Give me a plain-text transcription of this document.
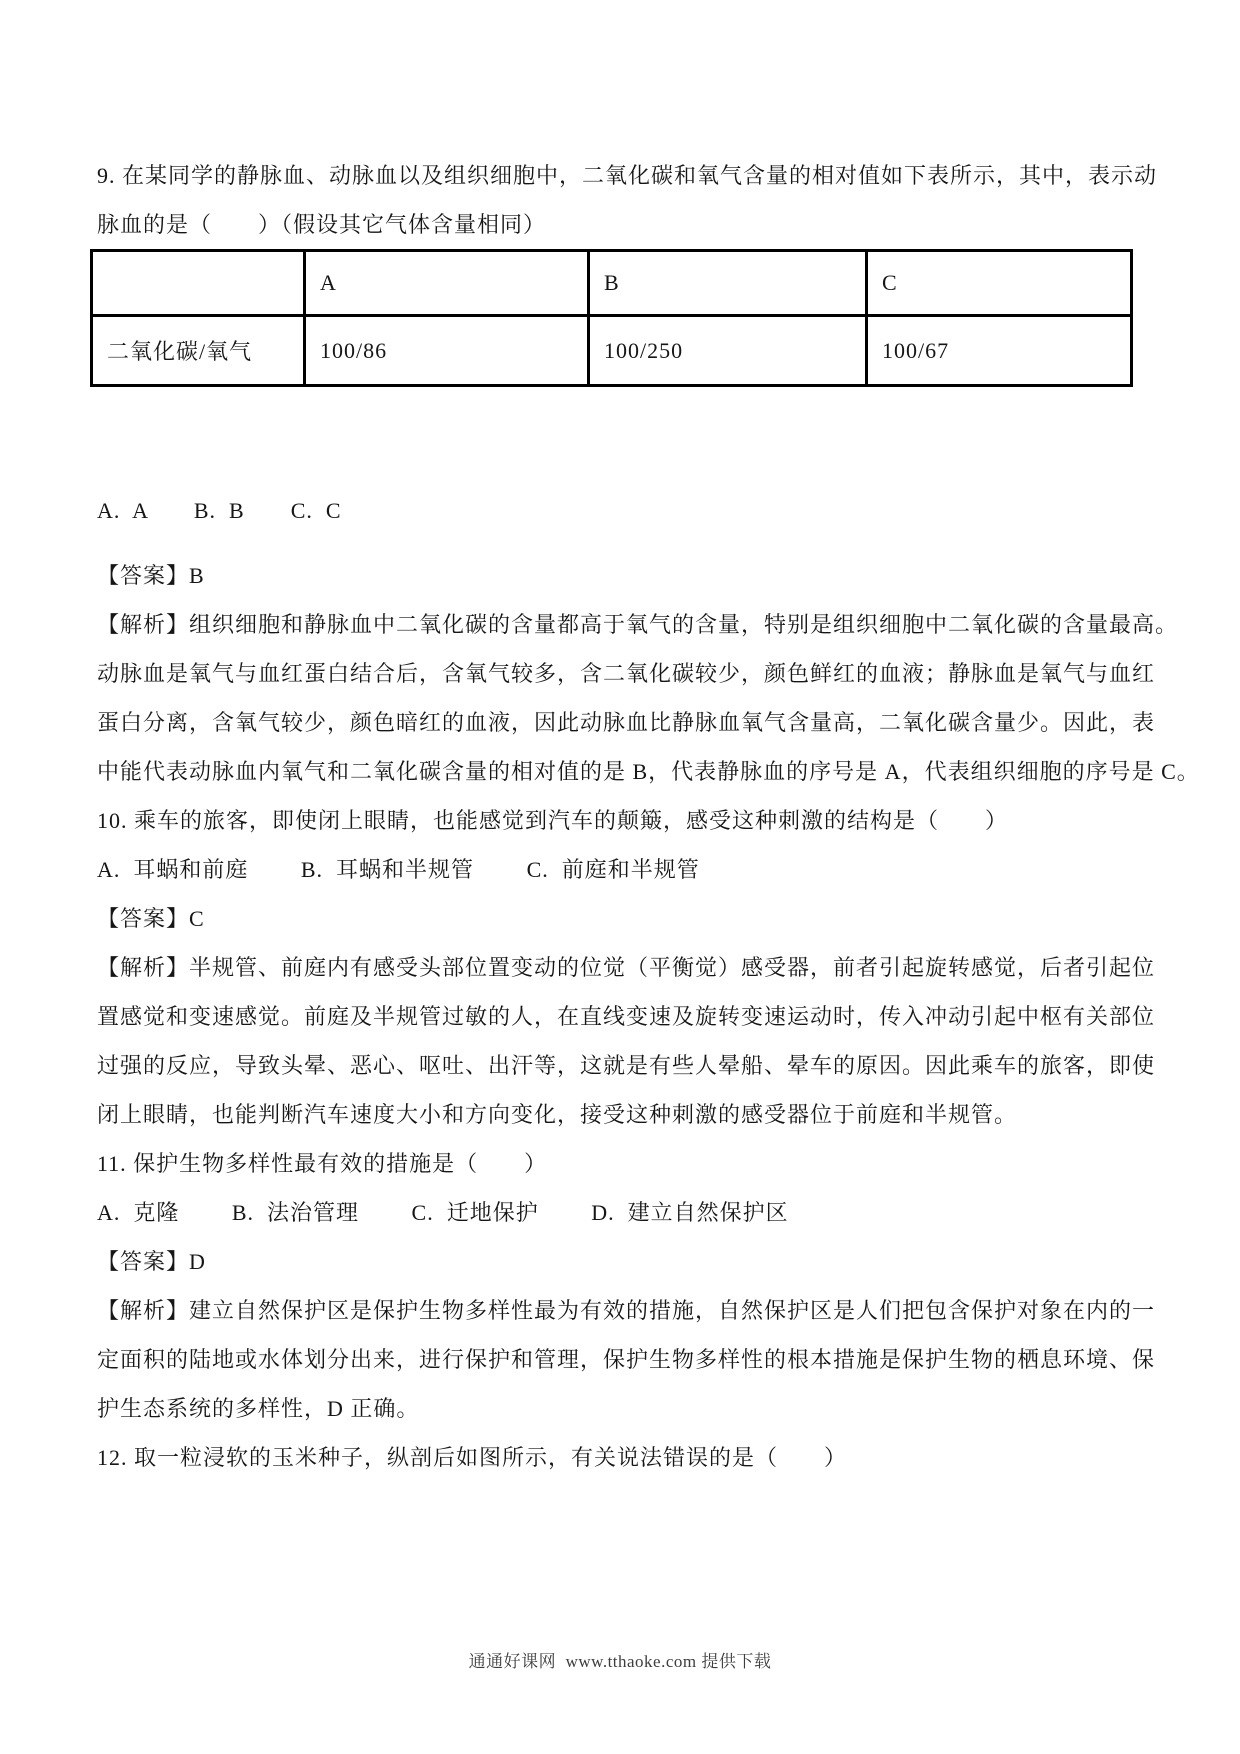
9. 在某同学的静脉血、动脉血以及组织细胞中，二氧化碳和氧气含量的相对值如下表所示，其中，表示动
脉血的是（　　）（假设其它气体含量相同）
	A	B	C
二氧化碳/氧气	100/86	100/250	100/67
A.  A　　B.  B　　C.  C
【答案】B
【解析】组织细胞和静脉血中二氧化碳的含量都高于氧气的含量，特别是组织细胞中二氧化碳的含量最高。
动脉血是氧气与血红蛋白结合后，含氧气较多，含二氧化碳较少，颜色鲜红的血液；静脉血是氧气与血红
蛋白分离，含氧气较少，颜色暗红的血液，因此动脉血比静脉血氧气含量高，二氧化碳含量少。因此，表
中能代表动脉血内氧气和二氧化碳含量的相对值的是 B，代表静脉血的序号是 A，代表组织细胞的序号是 C。
10. 乘车的旅客，即使闭上眼睛，也能感觉到汽车的颠簸，感受这种刺激的结构是（　　）
A.  耳蜗和前庭　　 B.  耳蜗和半规管　　 C.  前庭和半规管
【答案】C
【解析】半规管、前庭内有感受头部位置变动的位觉（平衡觉）感受器，前者引起旋转感觉，后者引起位
置感觉和变速感觉。前庭及半规管过敏的人，在直线变速及旋转变速运动时，传入冲动引起中枢有关部位
过强的反应，导致头晕、恶心、呕吐、出汗等，这就是有些人晕船、晕车的原因。因此乘车的旅客，即使
闭上眼睛，也能判断汽车速度大小和方向变化，接受这种刺激的感受器位于前庭和半规管。
11. 保护生物多样性最有效的措施是（　　）
A.  克隆　　 B.  法治管理　　 C.  迁地保护　　 D.  建立自然保护区
【答案】D
【解析】建立自然保护区是保护生物多样性最为有效的措施，自然保护区是人们把包含保护对象在内的一
定面积的陆地或水体划分出来，进行保护和管理，保护生物多样性的根本措施是保护生物的栖息环境、保
护生态系统的多样性，D 正确。
12. 取一粒浸软的玉米种子，纵剖后如图所示，有关说法错误的是（　　）
通通好课网  www.tthaoke.com 提供下载
